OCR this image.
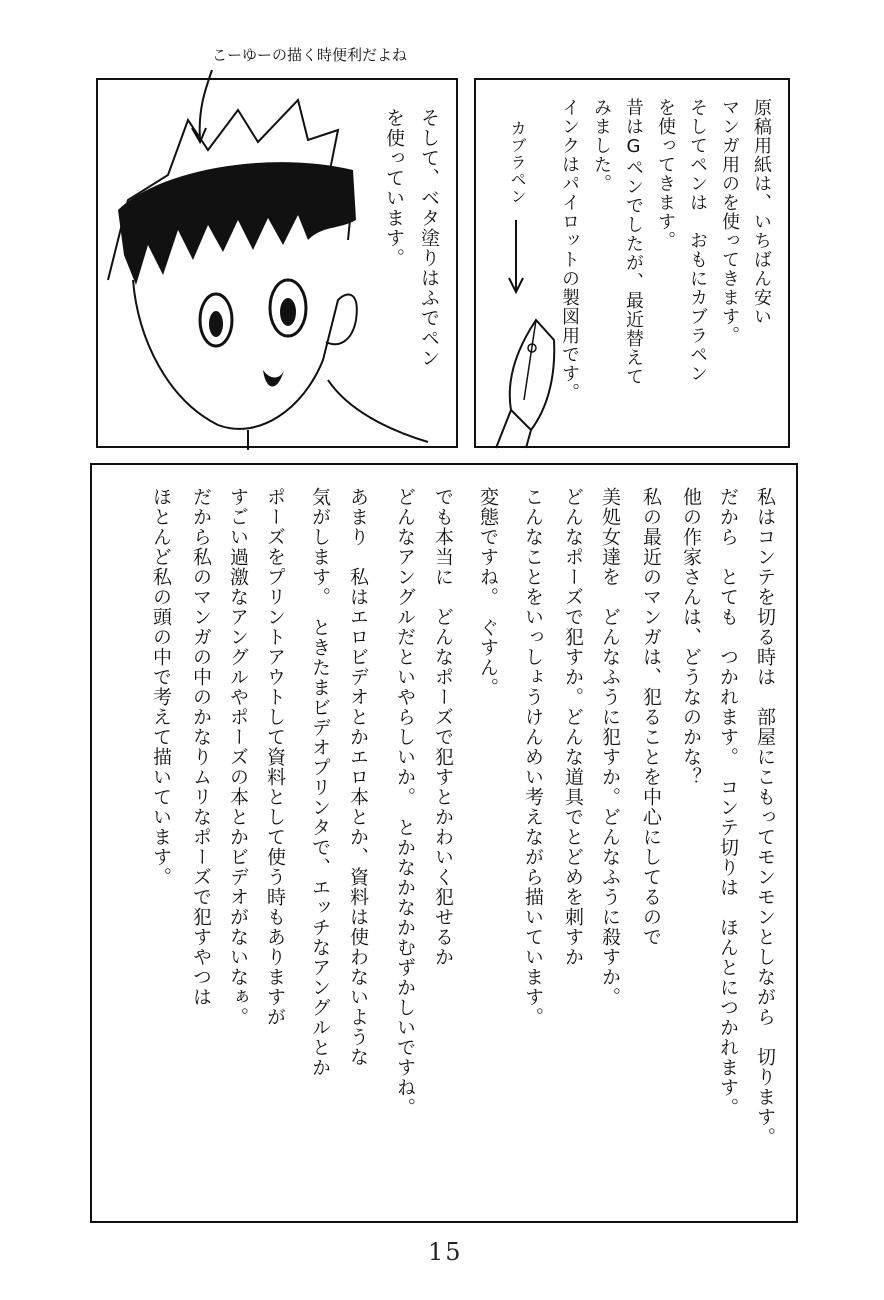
そして、ベタ塗りはふでペン
を使っています。
こーゆーの描く時便利だよね
原稿用紙は、いちばん安い
マンガ用のを使ってきます。
そしてペンは　おもにカブラペン
を使ってきます。
昔はGペンでしたが、最近替えて
みました。
インクはパイロットの製図用です。
カブラペン
私はコンテを切る時は　部屋にこもってモンモンとしながら　切ります。
だから　とても　つかれます。　コンテ切りは　ほんとにつかれます。
他の作家さんは、どうなのかな？
私の最近のマンガは、犯ることを中心にしてるので
美処女達を　どんなふうに犯すか。どんなふうに殺すか。
どんなポーズで犯すか。どんな道具でとどめを刺すか
こんなことをいっしょうけんめい考えながら描いています。
変態ですね。　ぐすん。
でも本当に　どんなポーズで犯すとかわいく犯せるか
どんなアングルだといやらしいか。　とかなかなかむずかしいですね。
あまり　私はエロビデオとかエロ本とか、資料は使わないような
気がします。　ときたまビデオプリンタで、エッチなアングルとか
ポーズをプリントアウトして資料として使う時もありますが
すごい過激なアングルやポーズの本とかビデオがないなぁ。
だから私のマンガの中のかなりムリなポーズで犯すやつは
ほとんど私の頭の中で考えて描いています。
15
